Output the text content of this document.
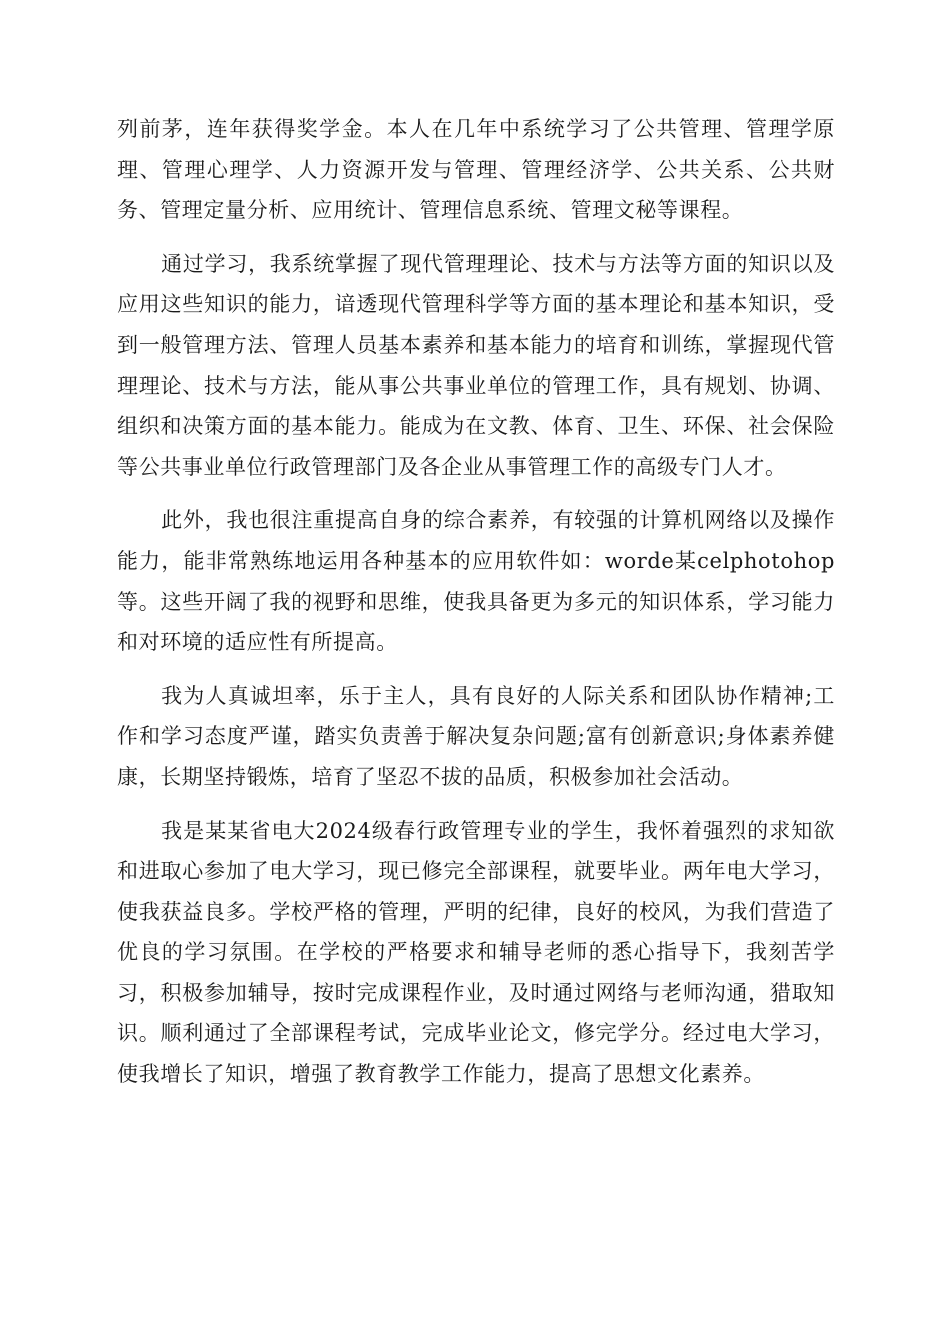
列前茅，连年获得奖学金。本人在几年中系统学习了公共管理、管理学原理、管理心理学、人力资源开发与管理、管理经济学、公共关系、公共财务、管理定量分析、应用统计、管理信息系统、管理文秘等课程。

通过学习，我系统掌握了现代管理理论、技术与方法等方面的知识以及应用这些知识的能力，谙透现代管理科学等方面的基本理论和基本知识，受到一般管理方法、管理人员基本素养和基本能力的培育和训练，掌握现代管理理论、技术与方法，能从事公共事业单位的管理工作，具有规划、协调、组织和决策方面的基本能力。能成为在文教、体育、卫生、环保、社会保险等公共事业单位行政管理部门及各企业从事管理工作的高级专门人才。

此外，我也很注重提高自身的综合素养，有较强的计算机网络以及操作能力，能非常熟练地运用各种基本的应用软件如：worde某celphotohop等。这些开阔了我的视野和思维，使我具备更为多元的知识体系，学习能力和对环境的适应性有所提高。

我为人真诚坦率，乐于主人，具有良好的人际关系和团队协作精神;工作和学习态度严谨，踏实负责善于解决复杂问题;富有创新意识;身体素养健康，长期坚持锻炼，培育了坚忍不拔的品质，积极参加社会活动。

我是某某省电大2024级春行政管理专业的学生，我怀着强烈的求知欲和进取心参加了电大学习，现已修完全部课程，就要毕业。两年电大学习，使我获益良多。学校严格的管理，严明的纪律，良好的校风，为我们营造了优良的学习氛围。在学校的严格要求和辅导老师的悉心指导下，我刻苦学习，积极参加辅导，按时完成课程作业，及时通过网络与老师沟通，猎取知识。顺利通过了全部课程考试，完成毕业论文，修完学分。经过电大学习，使我增长了知识，增强了教育教学工作能力，提高了思想文化素养。
